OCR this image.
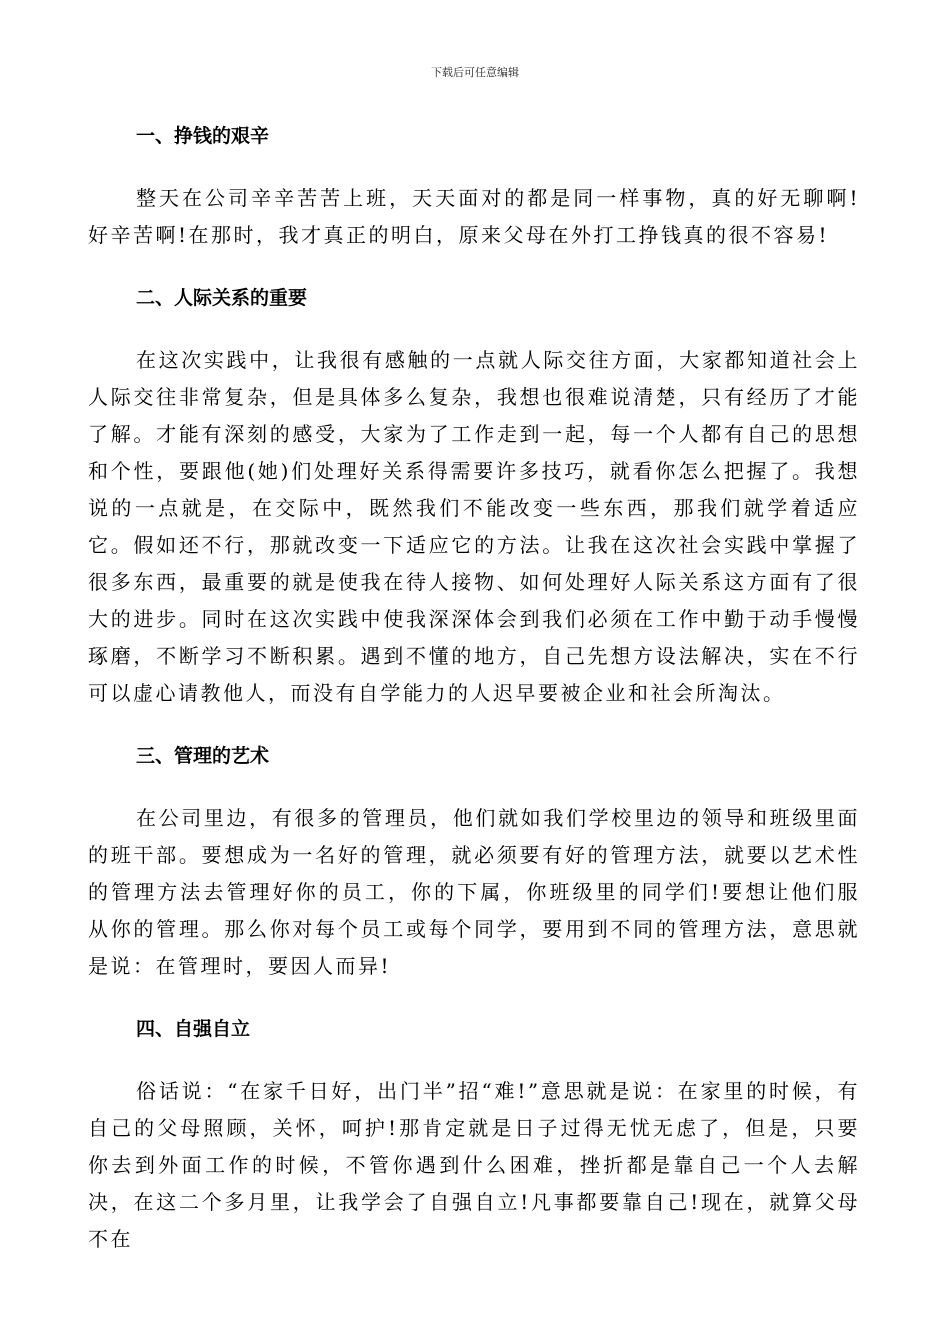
下载后可任意编辑
一、挣钱的艰辛

整天在公司辛辛苦苦上班，天天面对的都是同一样事物，真的好无聊啊!好辛苦啊!在那时，我才真正的明白，原来父母在外打工挣钱真的很不容易!

二、人际关系的重要

在这次实践中，让我很有感触的一点就人际交往方面，大家都知道社会上人际交往非常复杂，但是具体多么复杂，我想也很难说清楚，只有经历了才能了解。才能有深刻的感受，大家为了工作走到一起，每一个人都有自己的思想和个性，要跟他(她)们处理好关系得需要许多技巧，就看你怎么把握了。我想说的一点就是，在交际中，既然我们不能改变一些东西，那我们就学着适应它。假如还不行，那就改变一下适应它的方法。让我在这次社会实践中掌握了很多东西，最重要的就是使我在待人接物、如何处理好人际关系这方面有了很大的进步。同时在这次实践中使我深深体会到我们必须在工作中勤于动手慢慢琢磨，不断学习不断积累。遇到不懂的地方，自己先想方设法解决，实在不行可以虚心请教他人，而没有自学能力的人迟早要被企业和社会所淘汰。

三、管理的艺术

在公司里边，有很多的管理员，他们就如我们学校里边的领导和班级里面的班干部。要想成为一名好的管理，就必须要有好的管理方法，就要以艺术性的管理方法去管理好你的员工，你的下属，你班级里的同学们!要想让他们服从你的管理。那么你对每个员工或每个同学，要用到不同的管理方法，意思就是说：在管理时，要因人而异!

四、自强自立

俗话说：“在家千日好，出门半”招“难!”意思就是说：在家里的时候，有自己的父母照顾，关怀，呵护!那肯定就是日子过得无忧无虑了，但是，只要你去到外面工作的时候，不管你遇到什么困难，挫折都是靠自己一个人去解决，在这二个多月里，让我学会了自强自立!凡事都要靠自己!现在，就算父母不在
